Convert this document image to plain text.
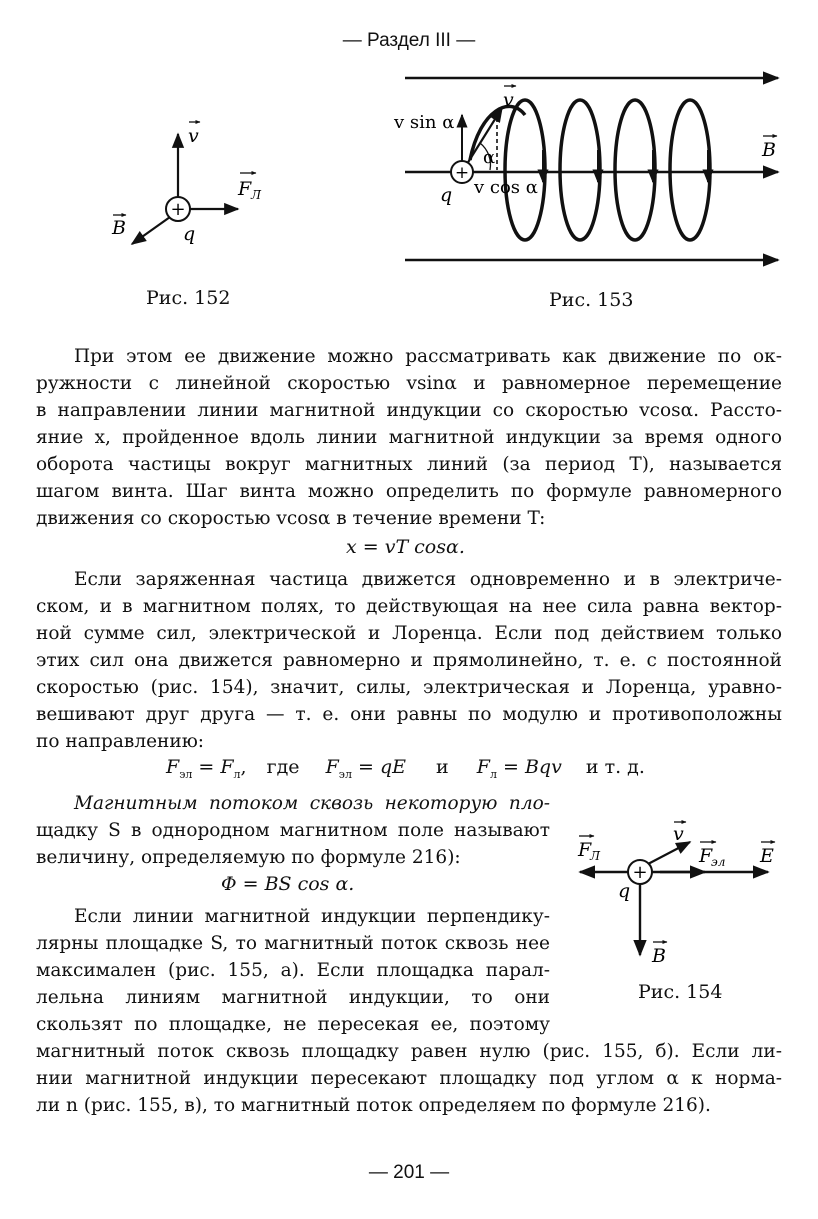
— Раздел III —
+
v
F Л
B	q
+
v sin α
v
α	B
q v cos α
+
F
Л
v
F
эл E
q
B
Рис. 152	Рис. 153
Рис. 154
При этом ее движение можно рассматривать как движение по ок-
ружности с линейной скоростью vsinα и равномерное перемещение
в направлении линии магнитной индукции со скоростью vcosα. Рассто-
яние x, пройденное вдоль линии магнитной индукции за время одного
оборота частицы вокруг магнитных линий (за период T), называется
шагом винта. Шаг винта можно определить по формуле равномерного
движения со скоростью vcosα в течение времени T:
x = vT cosα.
Если заряженная частица движется одновременно и в электриче-
ском, и в магнитном полях, то действующая на нее сила равна вектор-
ной сумме сил, электрической и Лоренца. Если под действием только
этих сил она движется равномерно и прямолинейно, т. е. с постоянной
скоростью (рис. 154), значит, силы, электрическая и Лоренца, уравно-
вешивают друг друга — т. е. они равны по модулю и противоположны
по направлению:
$F_{эл} = F_л$, где $F_{эл}$ = qE и $F_л$ = Bqv и т. д.
Магнитным потоком сквозь некоторую пло-
щадку S в однородном магнитном поле называют
величину, определяемую по формуле 216):
Φ = BS cos α.
Если линии магнитной индукции перпендику-
лярны площадке S, то магнитный поток сквозь нее
максимален (рис. 155, а). Если площадка парал-
лельна линиям магнитной индукции, то они
скользят по площадке, не пересекая ее, поэтому
магнитный поток сквозь площадку равен нулю (рис. 155, б). Если ли-
нии магнитной индукции пересекают площадку под углом α к норма-
ли n (рис. 155, в), то магнитный поток определяем по формуле 216).
— 201 —
